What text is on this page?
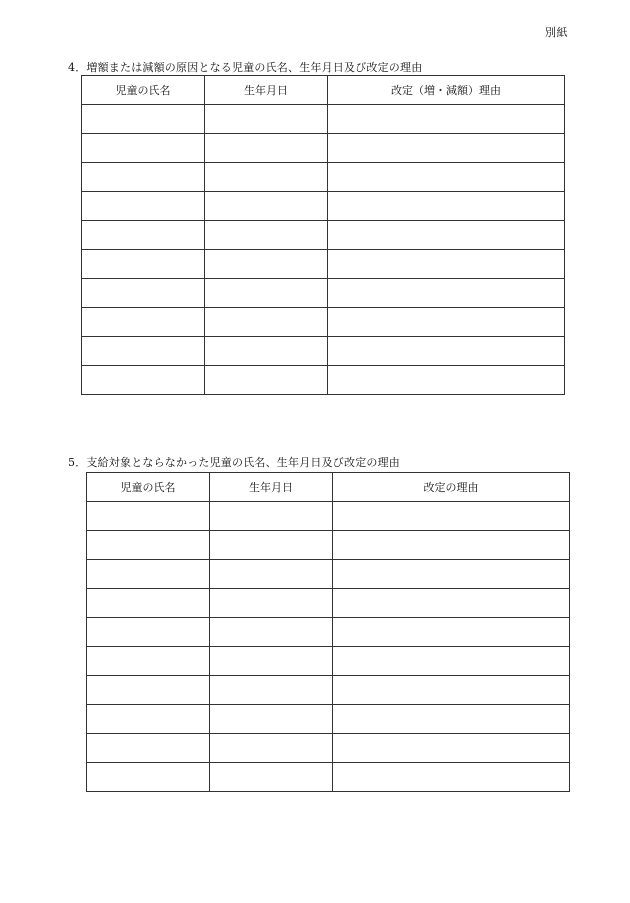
別紙
4．増額または減額の原因となる児童の氏名、生年月日及び改定の理由
児童の氏名	生年月日	改定（増・減額）理由

5．支給対象とならなかった児童の氏名、生年月日及び改定の理由
児童の氏名	生年月日	改定の理由
